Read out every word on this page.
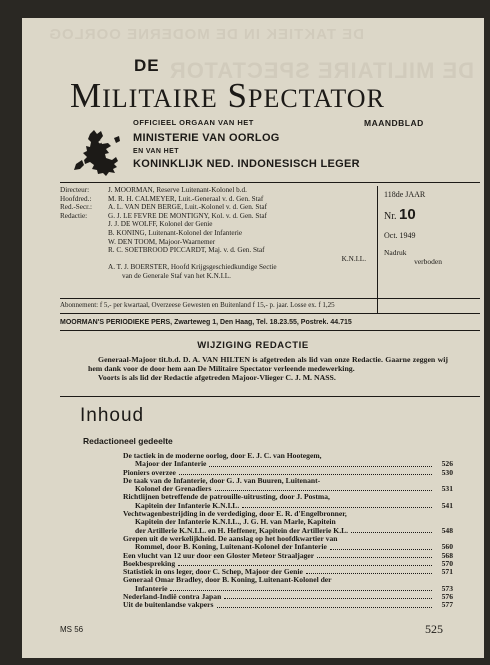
DE MILITAIRE SPECTATOR
DE TAKTIEK IN DE MODERNE OORLOG
DE
MILITAIRE SPECTATOR
OFFICIEEL ORGAAN VAN HET	MAANDBLAD
MINISTERIE VAN OORLOG
EN VAN HET
KONINKLIJK NED. INDONESISCH LEGER
Directeur:	J. MOORMAN, Reserve Luitenant-Kolonel b.d.
Hoofdred.:	M. R. H. CALMEYER, Luit.-Generaal v. d. Gen. Staf
Red.-Secr.:	A. L. VAN DEN BERGE, Luit.-Kolonel v. d. Gen. Staf
Redactie:	G. J. LE FEVRE DE MONTIGNY, Kol. v. d. Gen. Staf
J. J. DE WOLFF, Kolonel der Genie
B. KONING, Luitenant-Kolonel der Infanterie
W. DEN TOOM, Majoor-Waarnemer
R. C. SOETBROOD PICCARDT, Maj. v. d. Gen. Staf
K.N.I.L.
A. T. J. BOERSTER, Hoofd Krijgsgeschiedkundige Sectie
van de Generale Staf van het K.N.I.L.
118de JAAR
Nr. 10
Oct. 1949
Nadruk
verboden
Abonnement: f 5,- per kwartaal, Overzeese Gewesten en Buitenland f 15,- p. jaar. Losse ex. f 1,25
MOORMAN'S PERIODIEKE PERS, Zwarteweg 1, Den Haag, Tel. 18.23.55, Postrek. 44.715
WIJZIGING REDACTIE

Generaal-Majoor tit.b.d. D. A. VAN HILTEN is afgetreden als lid van onze Redactie. Gaarne zeggen wij hem dank voor de door hem aan De Militaire Spectator verleende medewerking.

Voorts is als lid der Redactie afgetreden Majoor-Vlieger C. J. M. NASS.

Inhoud
Redactioneel gedeelte
De tactiek in de moderne oorlog, door E. J. C. van Hootegem,
Majoor der Infanterie	526
Pioniers overzee	530
De taak van de Infanterie, door G. J. van Buuren, Luitenant-
Kolonel der Grenadiers	531
Richtlijnen betreffende de patrouille-uitrusting, door J. Postma,
Kapitein der Infanterie K.N.I.L.	541
Vechtwagenbestrijding in de verdediging, door E. R. d'Engelbronner,
Kapitein der Infanterie K.N.I.L., J. G. H. van Marle, Kapitein
der Artillerie K.N.I.L. en H. Heffener, Kapitein der Artillerie K.L.	548
Grepen uit de werkelijkheid. De aanslag op het hoofdkwartier van
Rommel, door B. Koning, Luitenant-Kolonel der Infanterie	560
Een vlucht van 12 uur door een Gloster Meteor Straaljager	568
Boekbespreking	570
Statistiek in ons leger, door C. Schep, Majoor der Genie	571
Generaal Omar Bradley, door B. Koning, Luitenant-Kolonel der
Infanterie	573
Nederland-Indië contra Japan	576
Uit de buitenlandse vakpers	577
MS 56	525
